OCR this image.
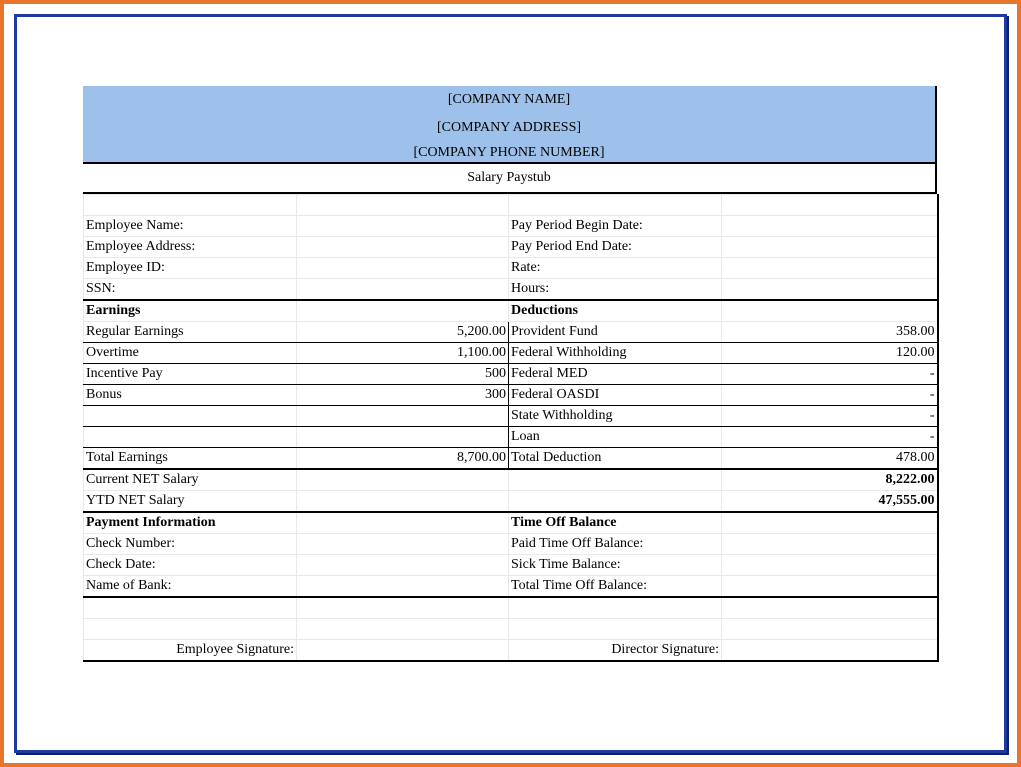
[COMPANY NAME]
[COMPANY ADDRESS]
[COMPANY PHONE NUMBER]
Salary Paystub

Employee Name:		Pay Period Begin Date:	
Employee Address:		Pay Period End Date:	
Employee ID:		Rate:	
SSN:		Hours:	
Earnings		Deductions	
Regular Earnings	5,200.00	Provident Fund	358.00
Overtime	1,100.00	Federal Withholding	120.00
Incentive Pay	500	Federal MED	-
Bonus	300	Federal OASDI	-
		State Withholding	-
		Loan	-
Total Earnings	8,700.00	Total Deduction	478.00
Current NET Salary			8,222.00
YTD NET Salary			47,555.00
Payment Information		Time Off Balance	
Check Number:		Paid Time Off Balance:	
Check Date:		Sick Time Balance:	
Name of Bank:		Total Time Off Balance:	

Employee Signature:		Director Signature:	
